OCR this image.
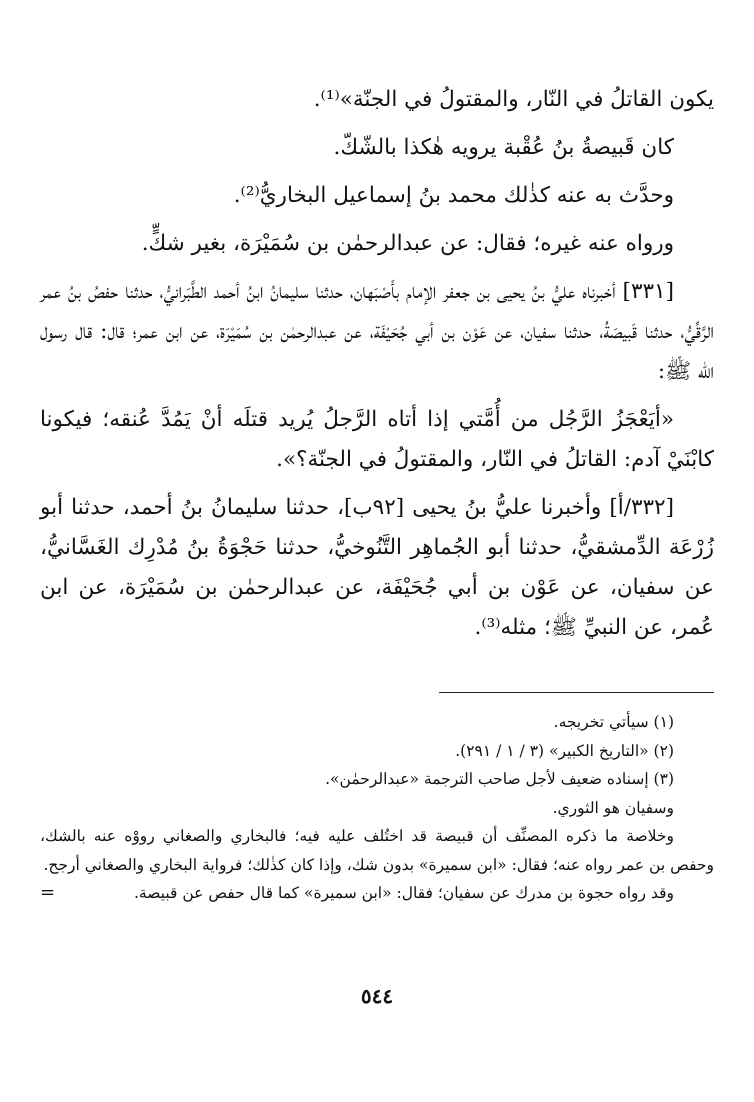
يكون القاتلُ في النّار، والمقتولُ في الجنّة»⁽¹⁾.

كان قَبيصةُ بنُ عُقْبة يرويه هٰكذا بالشّكّ.

وحدَّث به عنه كذٰلك محمد بنُ إسماعيل البخاريُّ⁽²⁾.

ورواه عنه غيره؛ فقال: عن عبدالرحمٰن بن سُمَيْرَة، بغير شكٍّ.

[٣٣١] أخبرناه عليُّ بنُ يحيى بن جعفر الإمام بأَصْبَهان، حدثنا سليمانُ ابنُ أحمد الطَّبَرانيُّ، حدثنا حفصُ بنُ عمر الرَّقِّيُّ، حدثنا قَبيصَةُ، حدثنا سفيان، عن عَوْن بن أبي جُحَيْفَة، عن عبدالرحمٰن بن سُمَيْرَة، عن ابن عمر؛ قال: قال رسول الله ﷺ:

«أيَعْجَزُ الرَّجُل من أُمَّتي إذا أتاه الرَّجلُ يُريد قتلَه أنْ يَمُدَّ عُنقه؛ فيكونا كابْنَيْ آدم: القاتلُ في النّار، والمقتولُ في الجنّة؟».

[٣٣٢/أ] وأخبرنا عليُّ بنُ يحيى [٩٢ب]، حدثنا سليمانُ بنُ أحمد، حدثنا أبو زُرْعَة الدِّمشقيُّ، حدثنا أبو الجُماهِر التَّنُوخيُّ، حدثنا حَجْوَةُ بنُ مُدْرِك الغَسَّانيُّ، عن سفيان، عن عَوْن بن أبي جُحَيْفَة، عن عبدالرحمٰن بن سُمَيْرَة، عن ابن عُمر، عن النبيِّ ﷺ؛ مثله⁽³⁾.

(١) سيأتي تخريجه.

(٢) «التاريخ الكبير» (٣ / ١ / ٢٩١).

(٣) إسناده ضعيف لأجل صاحب الترجمة «عبدالرحمٰن».

وسفيان هو الثوري.

وخلاصة ما ذكره المصنِّف أن قبيصة قد اختُلف عليه فيه؛ فالبخاري والصغاني رووْه عنه بالشك، وحفص بن عمر رواه عنه؛ فقال: «ابن سميرة» بدون شك، وإذا كان كذٰلك؛ فرواية البخاري والصغاني أرجح.

وقد رواه حجوة بن مدرك عن سفيان؛ فقال: «ابن سميرة» كما قال حفص عن قبيصة.
=

٥٤٤
